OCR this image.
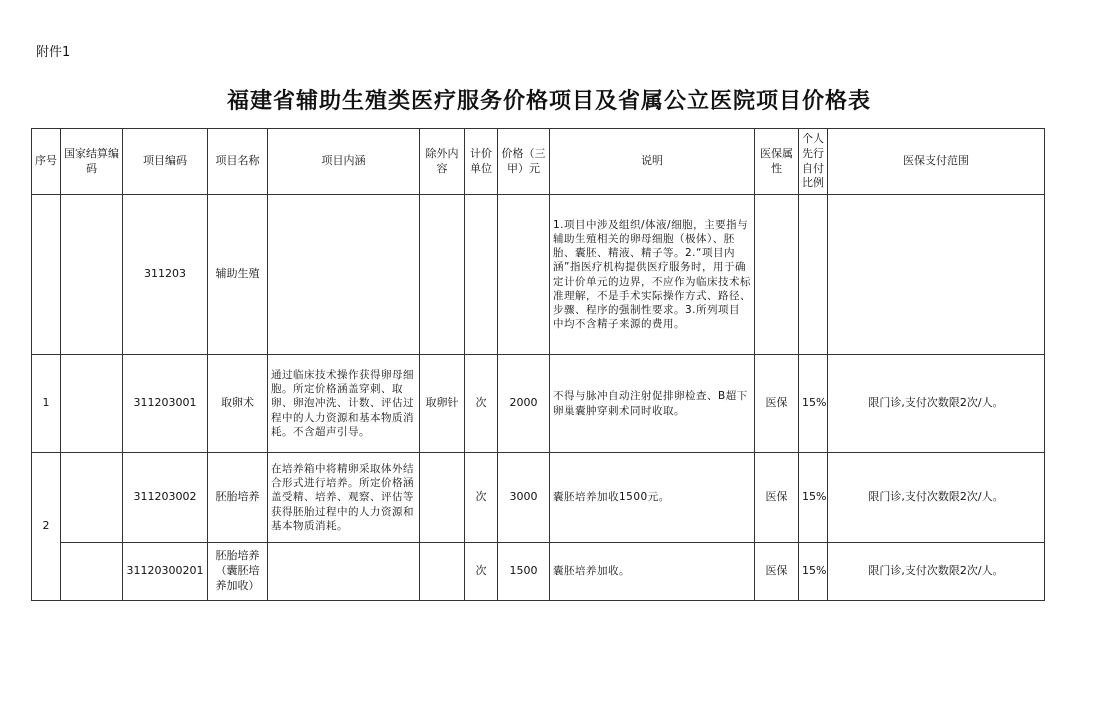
附件1
福建省辅助生殖类医疗服务价格项目及省属公立医院项目价格表
序号	国家结算编码	项目编码	项目名称	项目内涵	除外内容	计价单位	价格（三甲）元	说明	医保属性	个人先行自付比例	医保支付范围
		311203	辅助生殖					1.项目中涉及组织/体液/细胞，主要指与辅助生殖相关的卵母细胞（极体）、胚胎、囊胚、精液、精子等。2.“项目内涵”指医疗机构提供医疗服务时，用于确定计价单元的边界，不应作为临床技术标准理解，不是手术实际操作方式、路径、步骤、程序的强制性要求。3.所列项目中均不含精子来源的费用。			
1		311203001	取卵术	通过临床技术操作获得卵母细胞。所定价格涵盖穿刺、取卵、卵泡冲洗、计数、评估过程中的人力资源和基本物质消耗。不含超声引导。	取卵针	次	2000	不得与脉冲自动注射促排卵检查、B超下卵巢囊肿穿刺术同时收取。	医保	15%	限门诊,支付次数限2次/人。
2		311203002	胚胎培养	在培养箱中将精卵采取体外结合形式进行培养。所定价格涵盖受精、培养、观察、评估等获得胚胎过程中的人力资源和基本物质消耗。		次	3000	囊胚培养加收1500元。	医保	15%	限门诊,支付次数限2次/人。
		31120300201	胚胎培养（囊胚培养加收）			次	1500	囊胚培养加收。	医保	15%	限门诊,支付次数限2次/人。
